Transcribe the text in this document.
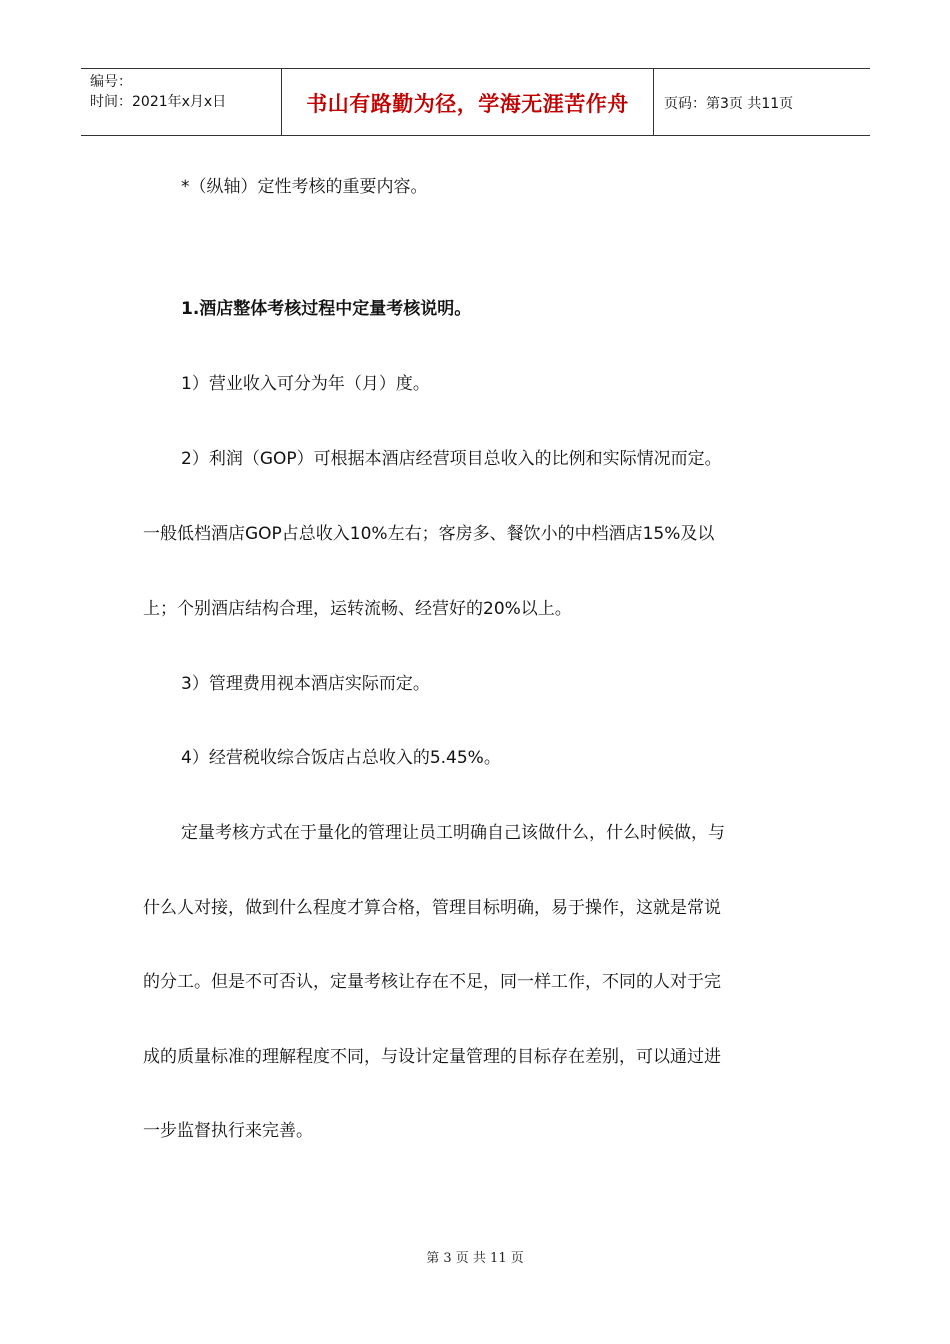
编号：
时间：2021年x月x日	书山有路勤为径，学海无涯苦作舟	页码：第3页 共11页
*（纵轴）定性考核的重要内容。
1.酒店整体考核过程中定量考核说明。
1）营业收入可分为年（月）度。
2）利润（GOP）可根据本酒店经营项目总收入的比例和实际情况而定。
一般低档酒店GOP占总收入10%左右；客房多、餐饮小的中档酒店15%及以
上；个别酒店结构合理，运转流畅、经营好的20%以上。
3）管理费用视本酒店实际而定。
4）经营税收综合饭店占总收入的5.45%。
定量考核方式在于量化的管理让员工明确自己该做什么，什么时候做，与
什么人对接，做到什么程度才算合格，管理目标明确，易于操作，这就是常说
的分工。但是不可否认，定量考核让存在不足，同一样工作，不同的人对于完
成的质量标准的理解程度不同，与设计定量管理的目标存在差别，可以通过进
一步监督执行来完善。
第 3 页 共 11 页
